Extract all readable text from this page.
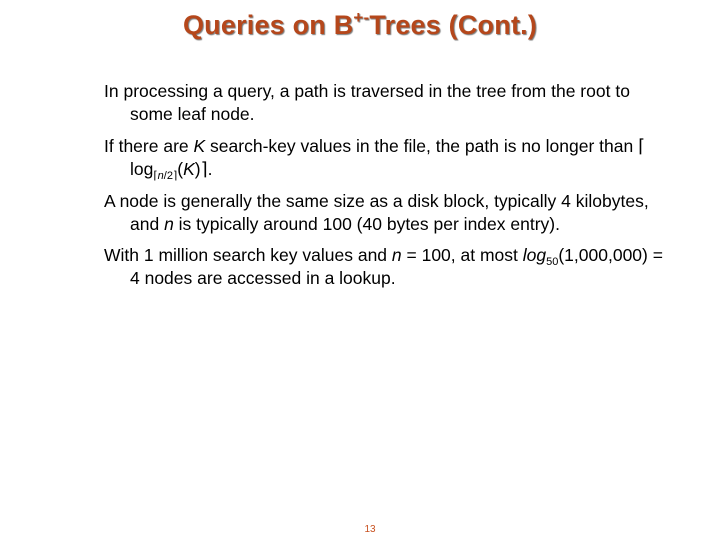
Queries on B+-Trees (Cont.)

In processing a query, a path is traversed in the tree from the root to some leaf node.

If there are K search-key values in the file, the path is no longer than ⌈ $\log_{⌈n/2⌉}(K)⌉$.

A node is generally the same size as a disk block, typically 4 kilobytes, and n is typically around 100 (40 bytes per index entry).

With 1 million search key values and n = 100, at most $\log_{50}(1,000,000) = 4$ nodes are accessed in a lookup.

13
